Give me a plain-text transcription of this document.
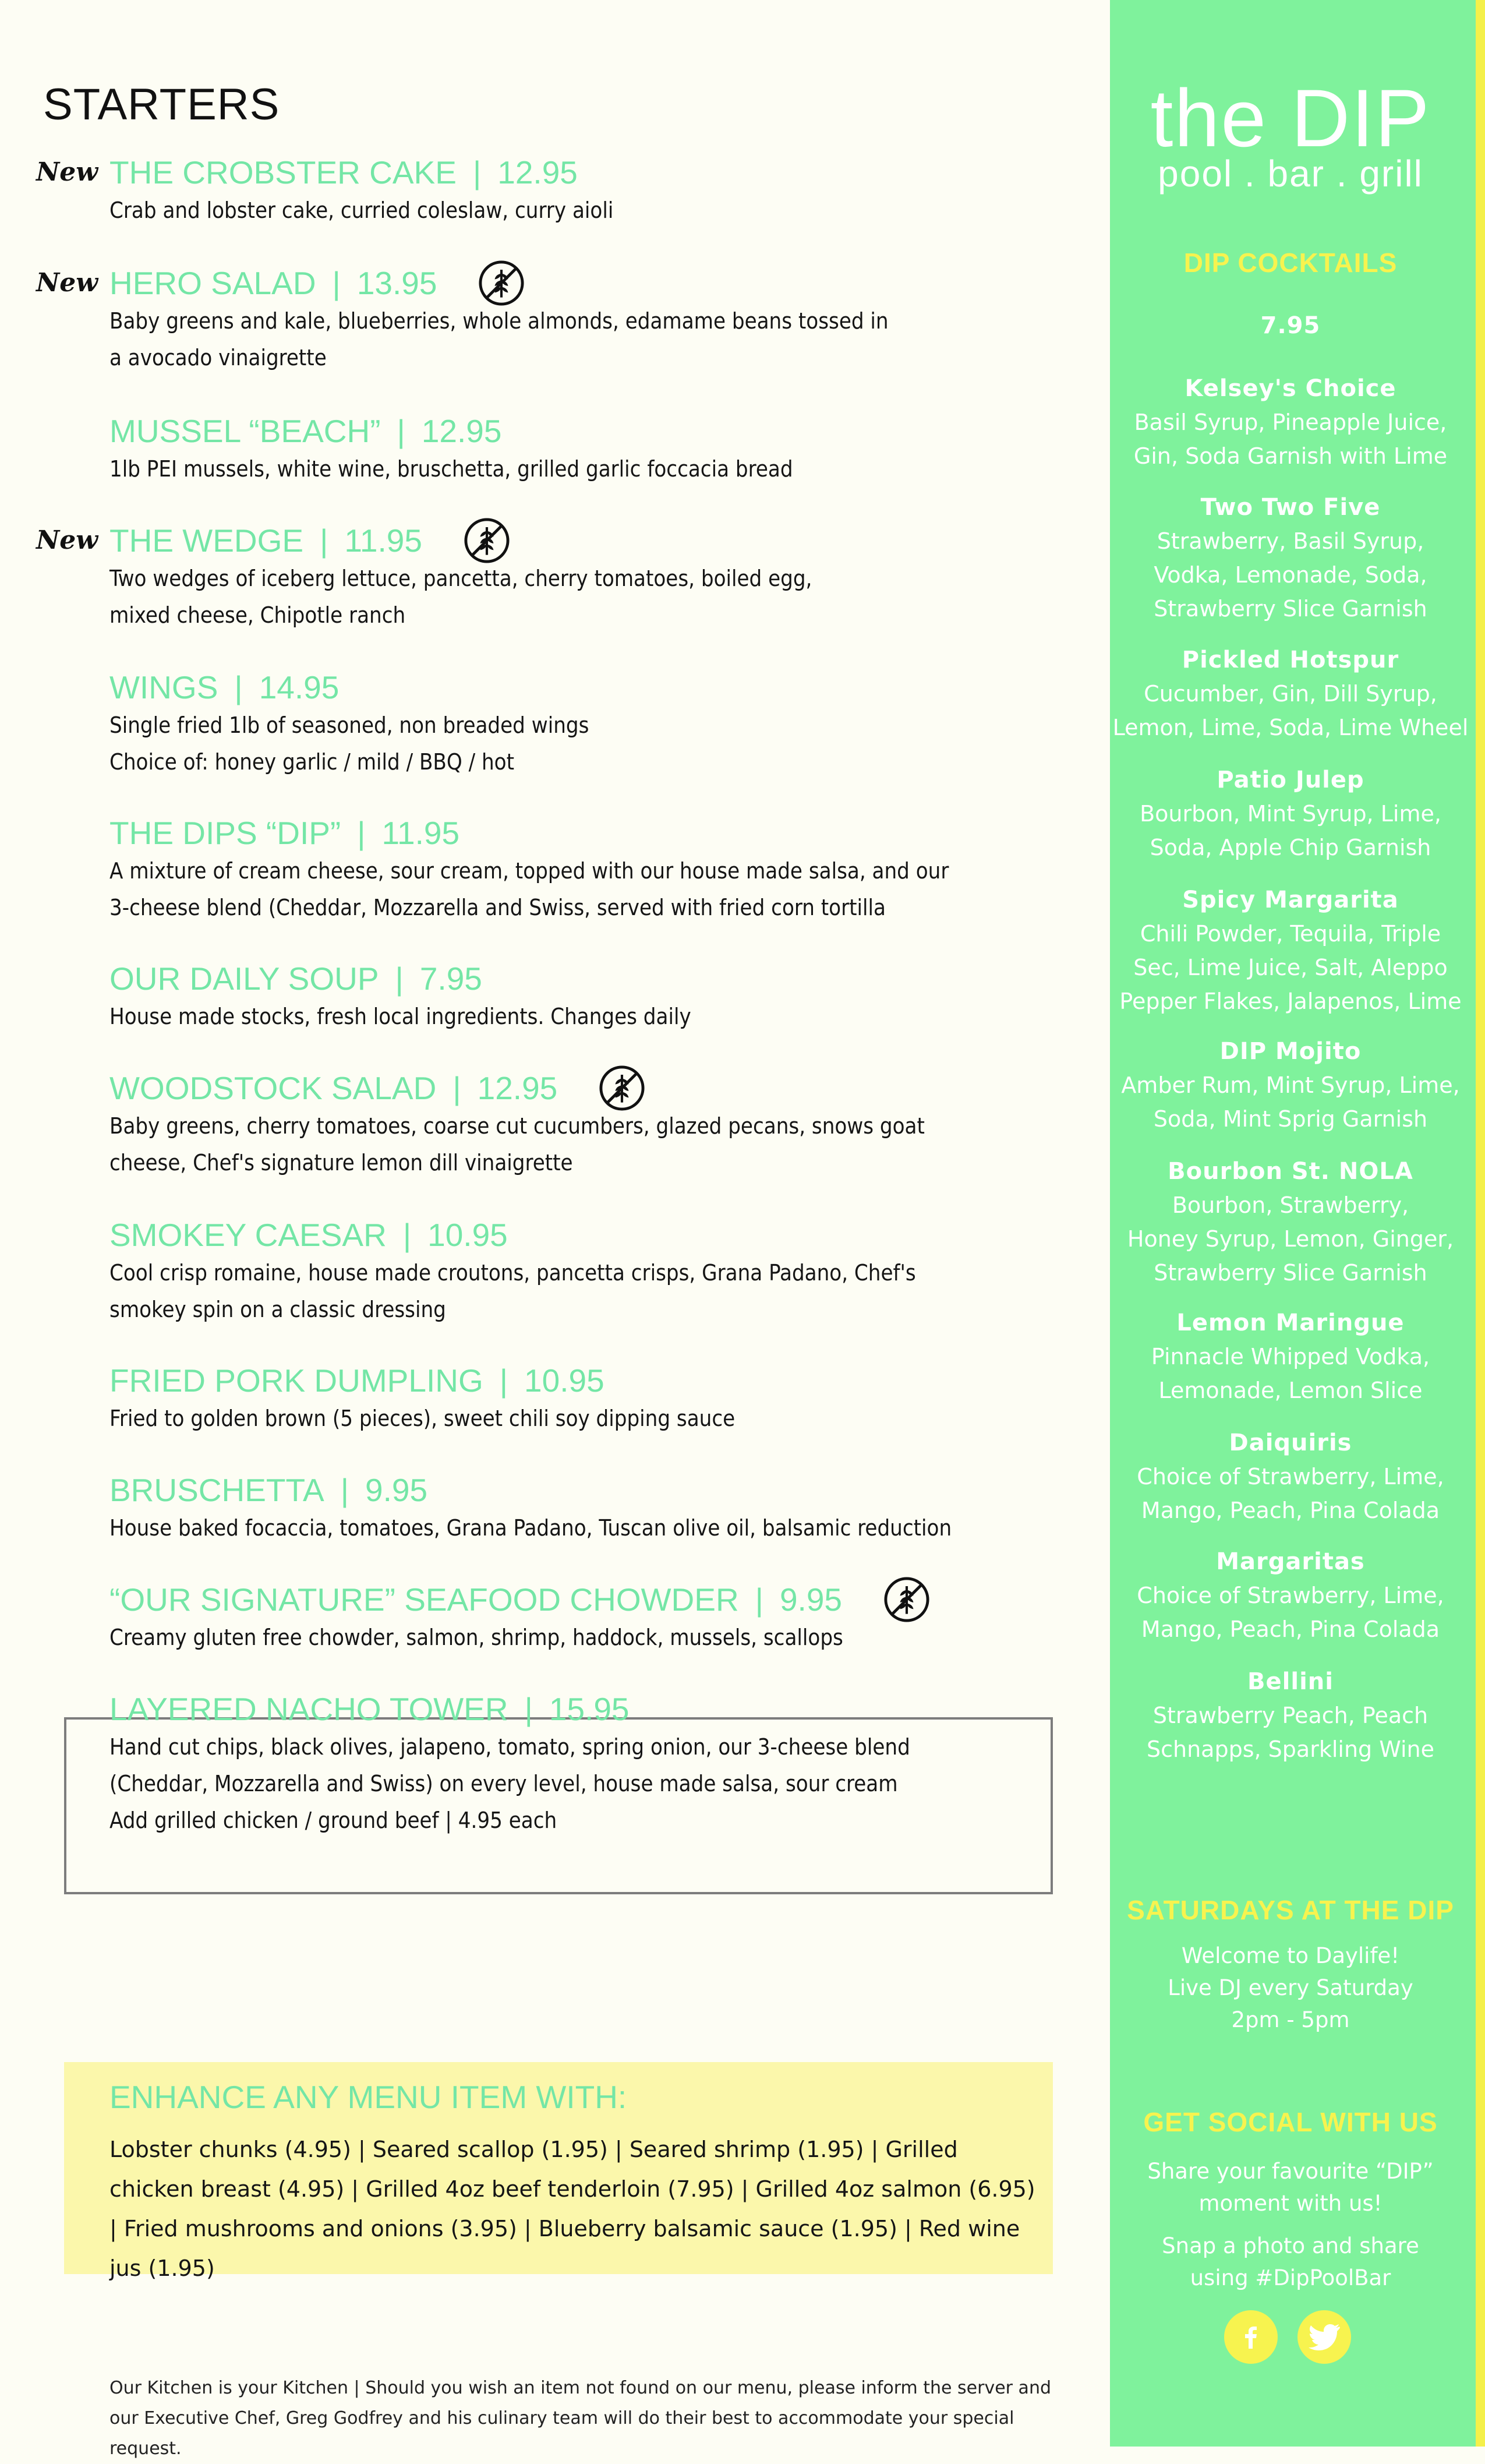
STARTERS
New THE CROBSTER CAKE | 12.95

Crab and lobster cake, curried coleslaw, curry aioli

New HERO SALAD | 13.95

Baby greens and kale, blueberries, whole almonds, edamame beans tossed in

a avocado vinaigrette

MUSSEL “BEACH” | 12.95

1lb PEI mussels, white wine, bruschetta, grilled garlic foccacia bread

New THE WEDGE | 11.95

Two wedges of iceberg lettuce, pancetta, cherry tomatoes, boiled egg,

mixed cheese, Chipotle ranch

WINGS | 14.95

Single fried 1lb of seasoned, non breaded wings

Choice of: honey garlic / mild / BBQ / hot

THE DIPS “DIP” | 11.95

A mixture of cream cheese, sour cream, topped with our house made salsa, and our

3-cheese blend (Cheddar, Mozzarella and Swiss, served with fried corn tortilla

OUR DAILY SOUP | 7.95

House made stocks, fresh local ingredients. Changes daily

WOODSTOCK SALAD | 12.95

Baby greens, cherry tomatoes, coarse cut cucumbers, glazed pecans, snows goat

cheese, Chef's signature lemon dill vinaigrette

SMOKEY CAESAR | 10.95

Cool crisp romaine, house made croutons, pancetta crisps, Grana Padano, Chef's

smokey spin on a classic dressing

FRIED PORK DUMPLING | 10.95

Fried to golden brown (5 pieces), sweet chili soy dipping sauce

BRUSCHETTA | 9.95

House baked focaccia, tomatoes, Grana Padano, Tuscan olive oil, balsamic reduction

“OUR SIGNATURE” SEAFOOD CHOWDER | 9.95

Creamy gluten free chowder, salmon, shrimp, haddock, mussels, scallops

LAYERED NACHO TOWER | 15.95

Hand cut chips, black olives, jalapeno, tomato, spring onion, our 3-cheese blend

(Cheddar, Mozzarella and Swiss) on every level, house made salsa, sour cream

Add grilled chicken / ground beef | 4.95 each

ENHANCE ANY MENU ITEM WITH:

Lobster chunks (4.95) | Seared scallop (1.95) | Seared shrimp (1.95) | Grilled chicken breast (4.95) | Grilled 4oz beef tenderloin (7.95) | Grilled 4oz salmon (6.95) | Fried mushrooms and onions (3.95) | Blueberry balsamic sauce (1.95) | Red wine jus (1.95)

Our Kitchen is your Kitchen | Should you wish an item not found on our menu, please inform the server and
our Executive Chef, Greg Godfrey and his culinary team will do their best to accommodate your special request.

the DIP
pool . bar . grill
DIP COCKTAILS
7.95
Kelsey's Choice
Basil Syrup, Pineapple Juice,
Gin, Soda Garnish with Lime
Two Two Five
Strawberry, Basil Syrup,
Vodka, Lemonade, Soda,
Strawberry Slice Garnish
Pickled Hotspur
Cucumber, Gin, Dill Syrup,
Lemon, Lime, Soda, Lime Wheel
Patio Julep
Bourbon, Mint Syrup, Lime,
Soda, Apple Chip Garnish
Spicy Margarita
Chili Powder, Tequila, Triple
Sec, Lime Juice, Salt, Aleppo
Pepper Flakes, Jalapenos, Lime
DIP Mojito
Amber Rum, Mint Syrup, Lime,
Soda, Mint Sprig Garnish
Bourbon St. NOLA
Bourbon, Strawberry,
Honey Syrup, Lemon, Ginger,
Strawberry Slice Garnish
Lemon Maringue
Pinnacle Whipped Vodka,
Lemonade, Lemon Slice
Daiquiris
Choice of Strawberry, Lime,
Mango, Peach, Pina Colada
Margaritas
Choice of Strawberry, Lime,
Mango, Peach, Pina Colada
Bellini
Strawberry Peach, Peach
Schnapps, Sparkling Wine
SATURDAYS AT THE DIP
Welcome to Daylife!
Live DJ every Saturday
2pm - 5pm
GET SOCIAL WITH US
Share your favourite “DIP”
moment with us!
Snap a photo and share
using #DipPoolBar
